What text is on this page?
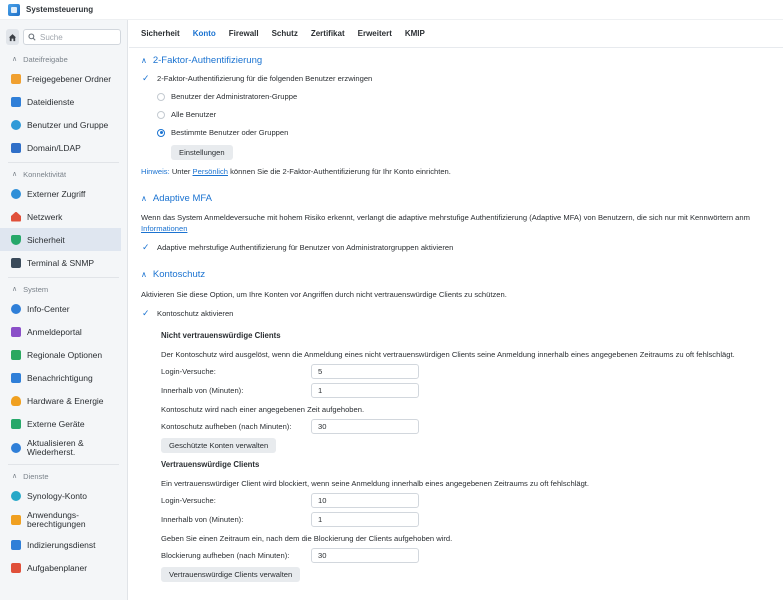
Systemsteuerung
Suche
∧ Dateifreigabe
Freigegebener Ordner
Dateidienste
Benutzer und Gruppe
Domain/LDAP
∧ Konnektivität
Externer Zugriff
Netzwerk
Sicherheit
Terminal & SNMP
∧ System
Info-Center
Anmeldeportal
Regionale Optionen
Benachrichtigung
Hardware & Energie
Externe Geräte
Aktualisieren & Wiederherst.
∧ Dienste
Synology-Konto
Anwendungs-berechtigungen
Indizierungsdienst
Aufgabenplaner
Sicherheit Konto Firewall Schutz Zertifikat Erweitert KMIP
∧ 2-Faktor-Authentifizierung
✓ 2-Faktor-Authentifizierung für die folgenden Benutzer erzwingen
Benutzer der Administratoren-Gruppe
Alle Benutzer
Bestimmte Benutzer oder Gruppen
Einstellungen
Hinweis: Unter Persönlich können Sie die 2-Faktor-Authentifizierung für Ihr Konto einrichten.
∧ Adaptive MFA
Wenn das System Anmeldeversuche mit hohem Risiko erkennt, verlangt die adaptive mehrstufige Authentifizierung (Adaptive MFA) von Benutzern, die sich nur mit Kennwörtern anm
Informationen
✓ Adaptive mehrstufige Authentifizierung für Benutzer von Administratorgruppen aktivieren
∧ Kontoschutz
Aktivieren Sie diese Option, um Ihre Konten vor Angriffen durch nicht vertrauenswürdige Clients zu schützen.
✓ Kontoschutz aktivieren
Nicht vertrauenswürdige Clients
Der Kontoschutz wird ausgelöst, wenn die Anmeldung eines nicht vertrauenswürdigen Clients seine Anmeldung innerhalb eines angegebenen Zeitraums zu oft fehlschlägt.
Login-Versuche:
5
Innerhalb von (Minuten):
1
Kontoschutz wird nach einer angegebenen Zeit aufgehoben.
Kontoschutz aufheben (nach Minuten):
30
Geschützte Konten verwalten
Vertrauenswürdige Clients
Ein vertrauenswürdiger Client wird blockiert, wenn seine Anmeldung innerhalb eines angegebenen Zeitraums zu oft fehlschlägt.
Login-Versuche:
10
Innerhalb von (Minuten):
1
Geben Sie einen Zeitraum ein, nach dem die Blockierung der Clients aufgehoben wird.
Blockierung aufheben (nach Minuten):
30
Vertrauenswürdige Clients verwalten
